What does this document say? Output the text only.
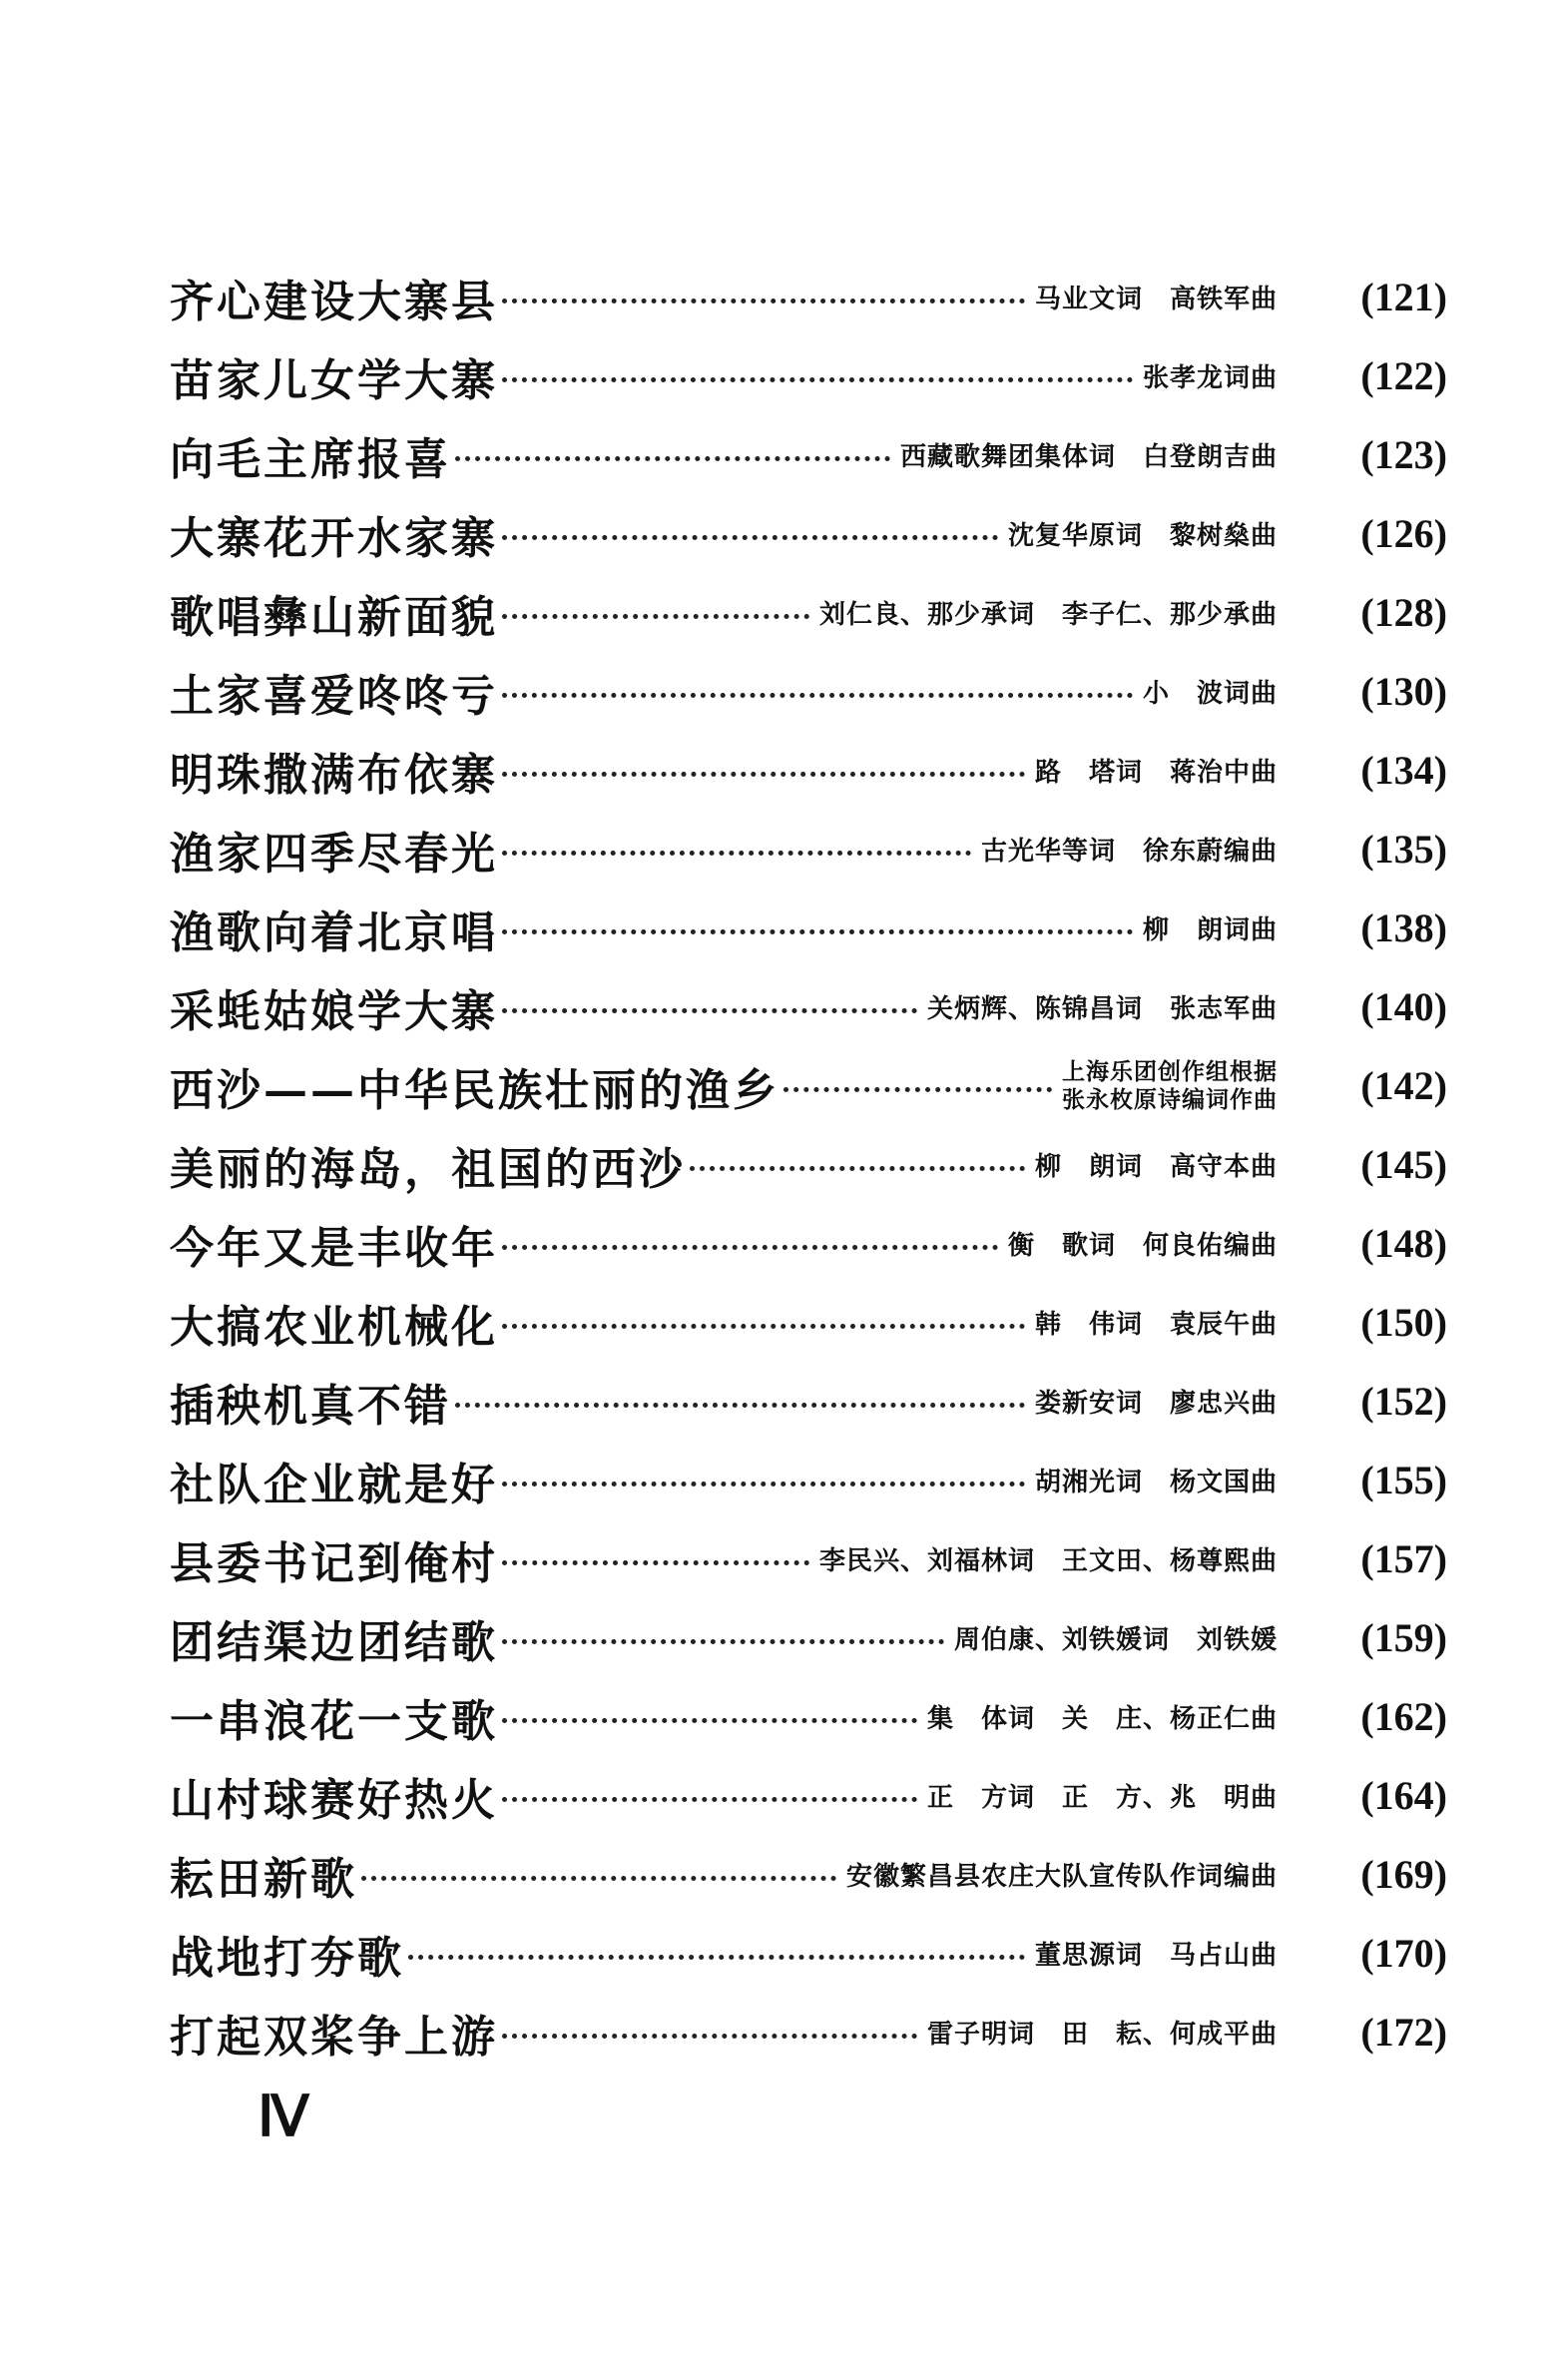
齐心建设大寨县	马业文词　高铁军曲	(121)
苗家儿女学大寨	张孝龙词曲	(122)
向毛主席报喜	西藏歌舞团集体词　白登朗吉曲	(123)
大寨花开水家寨	沈复华原词　黎树燊曲	(126)
歌唱彝山新面貌	刘仁良、那少承词　李子仁、那少承曲	(128)
土家喜爱咚咚亏	小　波词曲	(130)
明珠撒满布依寨	路　塔词　蒋治中曲	(134)
渔家四季尽春光	古光华等词　徐东蔚编曲	(135)
渔歌向着北京唱	柳　朗词曲	(138)
采蚝姑娘学大寨	关炳辉、陈锦昌词　张志军曲	(140)
西沙——中华民族壮丽的渔乡	上海乐团创作组根据
张永枚原诗编词作曲	(142)
美丽的海岛，祖国的西沙	柳　朗词　高守本曲	(145)
今年又是丰收年	衡　歌词　何良佑编曲	(148)
大搞农业机械化	韩　伟词　袁辰午曲	(150)
插秧机真不错	娄新安词　廖忠兴曲	(152)
社队企业就是好	胡湘光词　杨文国曲	(155)
县委书记到俺村	李民兴、刘福林词　王文田、杨尊熙曲	(157)
团结渠边团结歌	周伯康、刘铁媛词　刘铁媛	(159)
一串浪花一支歌	集　体词　关　庄、杨正仁曲	(162)
山村球赛好热火	正　方词　正　方、兆　明曲	(164)
耘田新歌	安徽繁昌县农庄大队宣传队作词编曲	(169)
战地打夯歌	董思源词　马占山曲	(170)
打起双桨争上游	雷子明词　田　耘、何成平曲	(172)
Ⅳ
